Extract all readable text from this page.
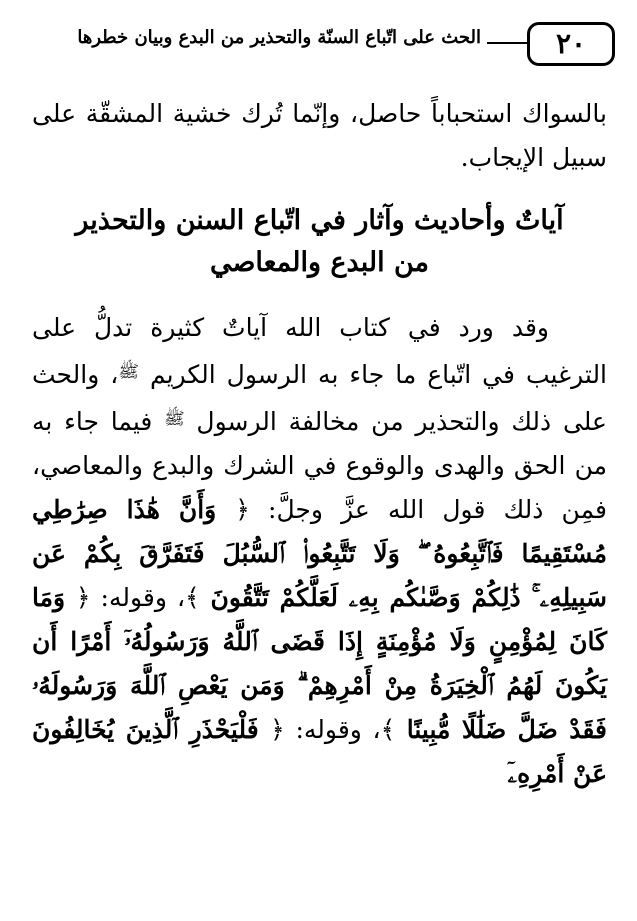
٢٠
الحث على اتّباع السنّة والتحذير من البدع وبيان خطرها

بالسواك استحباباً حاصل، وإنّما تُرك خشية المشقّة على سبيل الإيجاب.

آياتٌ وأحاديث وآثار في اتّباع السنن والتحذير
من البدع والمعاصي

وقد ورد في كتاب الله آياتٌ كثيرة تدلُّ على الترغيب في اتّباع ما جاء به الرسول الكريم $^ﷺ$، والحث على ذلك والتحذير من مخالفة الرسول $^ﷺ$ فيما جاء به من الحق والهدى والوقوع في الشرك والبدع والمعاصي، فمِن ذلك قول الله عزَّ وجلَّ: ﴿ وَأَنَّ هَٰذَا صِرَٰطِي مُسْتَقِيمًا فَٱتَّبِعُوهُ ۖ وَلَا تَتَّبِعُوا۟ ٱلسُّبُلَ فَتَفَرَّقَ بِكُمْ عَن سَبِيلِهِۦ ۚ ذَٰلِكُمْ وَصَّىٰكُم بِهِۦ لَعَلَّكُمْ تَتَّقُونَ ﴾، وقوله: ﴿ وَمَا كَانَ لِمُؤْمِنٍ وَلَا مُؤْمِنَةٍ إِذَا قَضَى ٱللَّهُ وَرَسُولُهُۥٓ أَمْرًا أَن يَكُونَ لَهُمُ ٱلْخِيَرَةُ مِنْ أَمْرِهِمْ ۗ وَمَن يَعْصِ ٱللَّهَ وَرَسُولَهُۥ فَقَدْ ضَلَّ ضَلَٰلًا مُّبِينًا ﴾، وقوله: ﴿ فَلْيَحْذَرِ ٱلَّذِينَ يُخَالِفُونَ عَنْ أَمْرِهِۦٓ
